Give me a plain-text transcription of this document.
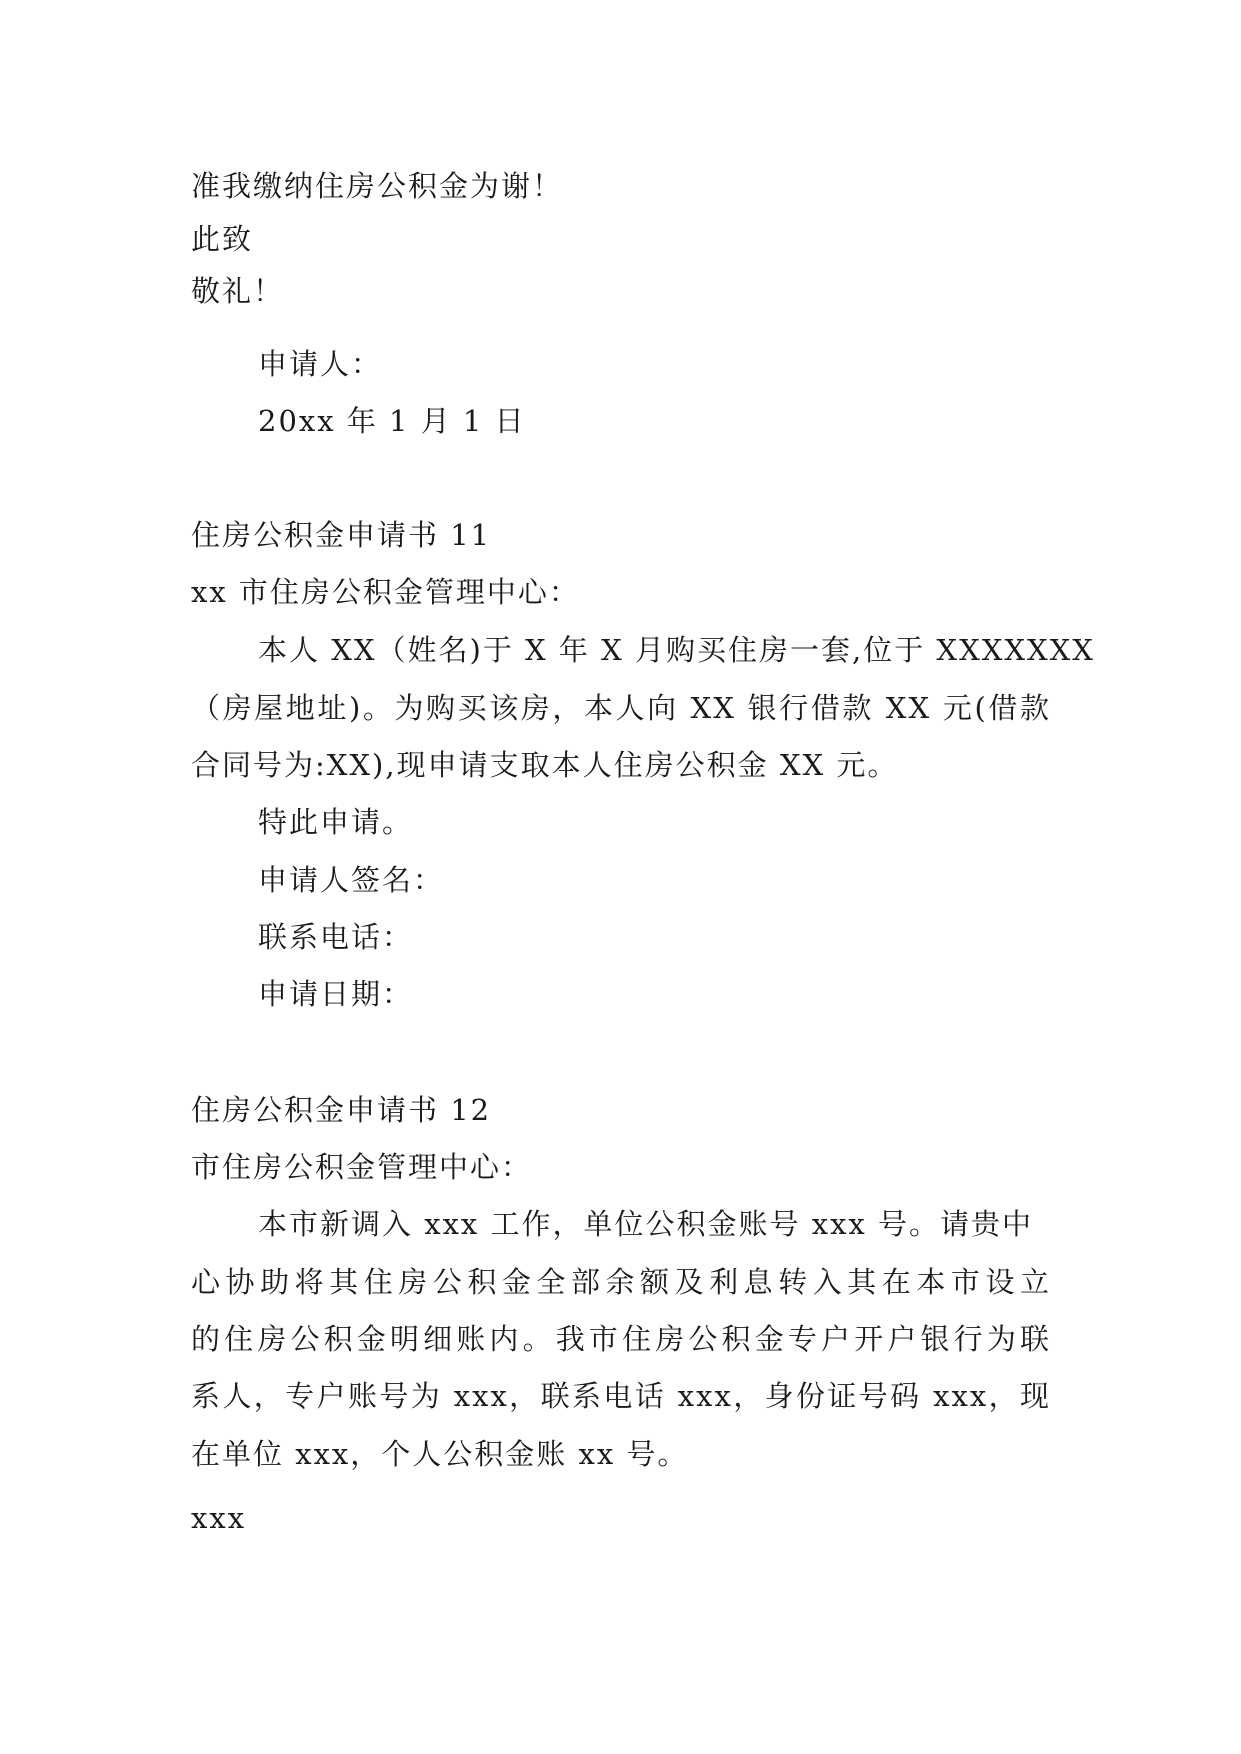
准我缴纳住房公积金为谢！
此致
敬礼！
申请人：
20xx 年 1 月 1 日
住房公积金申请书 11
xx 市住房公积金管理中心：
本人 XX（姓名)于 X 年 X 月购买住房一套,位于 XXXXXXX
（房屋地址)。为购买该房，本人向 XX 银行借款 XX 元(借款
合同号为:XX),现申请支取本人住房公积金 XX 元。
特此申请。
申请人签名：
联系电话：
申请日期：
住房公积金申请书 12
市住房公积金管理中心：
本市新调入 xxx 工作，单位公积金账号 xxx 号。请贵中
心协助将其住房公积金全部余额及利息转入其在本市设立
的住房公积金明细账内。我市住房公积金专户开户银行为联
系人，专户账号为 xxx，联系电话 xxx，身份证号码 xxx，现
在单位 xxx，个人公积金账 xx 号。
xxx
